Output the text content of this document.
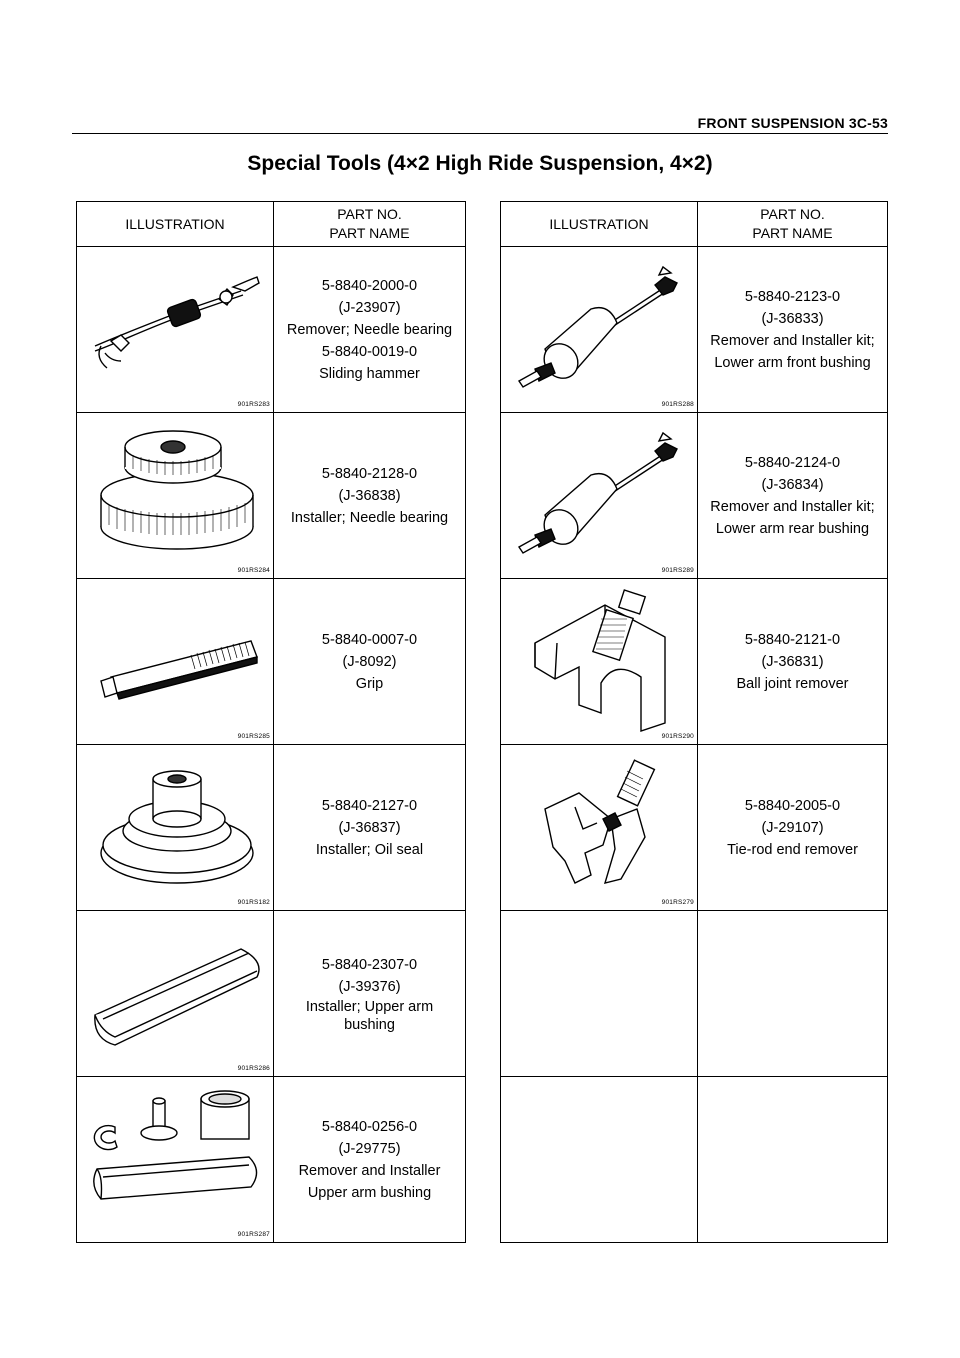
FRONT SUSPENSION 3C-53
Special Tools (4×2 High Ride Suspension, 4×2)
ILLUSTRATION	PART NO.
PART NAME

901RS283	5-8840-2000-0
(J-23907)
Remover; Needle bearing
5-8840-0019-0
Sliding hammer

901RS284	5-8840-2128-0
(J-36838)
Installer; Needle bearing

901RS285	5-8840-0007-0
(J-8092)
Grip

901RS182	5-8840-2127-0
(J-36837)
Installer; Oil seal

901RS286	5-8840-2307-0
(J-39376)
Installer; Upper arm
bushing

901RS287	5-8840-0256-0
(J-29775)
Remover and Installer
Upper arm bushing
ILLUSTRATION	PART NO.
PART NAME

901RS288	5-8840-2123-0
(J-36833)
Remover and Installer kit;
Lower arm front bushing

901RS289	5-8840-2124-0
(J-36834)
Remover and Installer kit;
Lower arm rear bushing

901RS290	5-8840-2121-0
(J-36831)
Ball joint remover

901RS279	5-8840-2005-0
(J-29107)
Tie-rod end remover
